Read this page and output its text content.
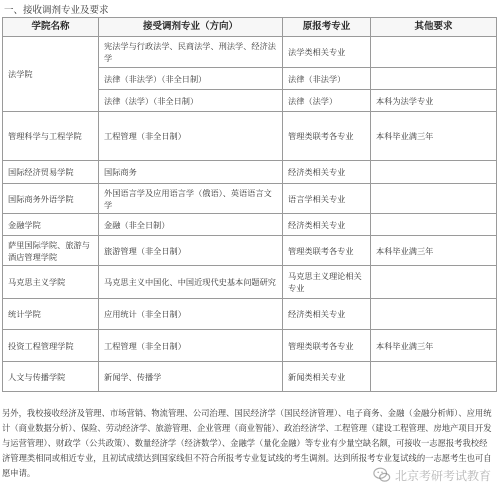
一、接收调剂专业及要求
学院名称	接受调剂专业（方向）	原报考专业	其他要求
法学院	宪法学与行政法学、民商法学、刑法学、经济法学	法学类相关专业	
	法律（非法学）（非全日制）	法律（非法学）	
	法律（法学）（非全日制）	法律（法学）	本科为法学专业
管理科学与工程学院	工程管理（非全日制）	管理类联考各专业	本科毕业满三年
国际经济贸易学院	国际商务	经济类相关专业	
国际商务外语学院	外国语言学及应用语言学（俄语）、英语语言文学	语言学相关专业	
金融学院	金融（非全日制）	经济类相关专业	
萨里国际学院、旅游与酒店管理学院	旅游管理（非全日制）	管理类联考各专业	本科毕业满三年
马克思主义学院	马克思主义中国化、中国近现代史基本问题研究	马克思主义理论相关专业	
统计学院	应用统计（非全日制）	经济类相关专业	
投资工程管理学院	工程管理（非全日制）	管理类联考各专业	本科毕业满三年
人文与传播学院	新闻学、传播学	新闻类相关专业	

另外，我校接收经济及管理、市场营销、物流管理、公司治理、国民经济学（国民经济管理）、电子商务、金融（金融分析师）、应用统计（商业数据分析）、保险、劳动经济学、旅游管理、企业管理（商业智能）、政治经济学、工程管理（建设工程管理、房地产项目开发与运营管理）、财政学（公共政策）、数量经济学（经济数学）、金融学（量化金融）等专业有少量空缺名额，可接收一志愿报考我校经济管理类相同或相近专业，且初试成绩达到国家线但不符合所报考专业复试线的考生调剂。达到所报考专业复试线的一志愿考生也可自愿申请。	北京考研考试教育
